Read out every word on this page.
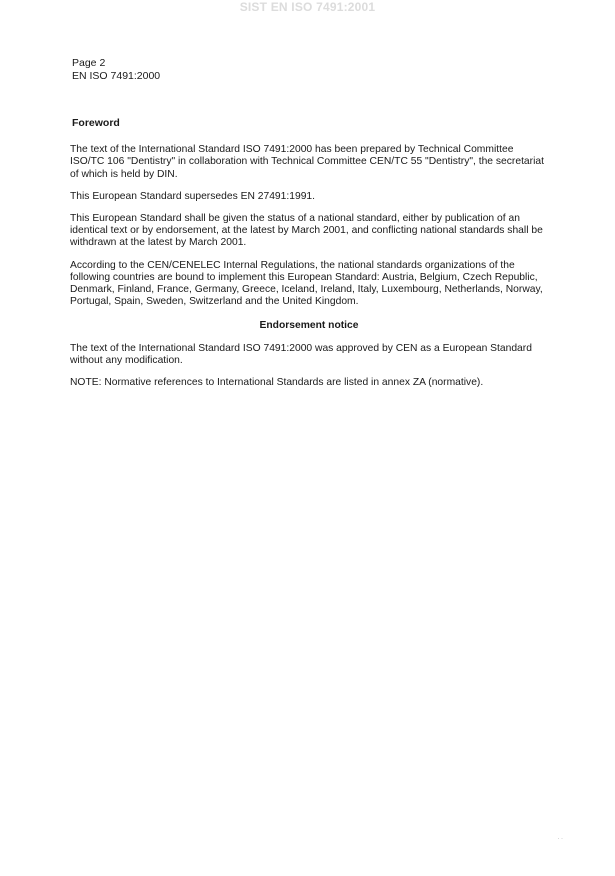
SIST EN ISO 7491:2001
Page 2
EN ISO 7491:2000
Foreword

The text of the International Standard ISO 7491:2000 has been prepared by Technical Committee ISO/TC 106 "Dentistry" in collaboration with Technical Committee CEN/TC 55 "Dentistry", the secretariat of which is held by DIN.

This European Standard supersedes EN 27491:1991.

This European Standard shall be given the status of a national standard, either by publication of an identical text or by endorsement, at the latest by March 2001, and conflicting national standards shall be withdrawn at the latest by March 2001.

According to the CEN/CENELEC Internal Regulations, the national standards organizations of the following countries are bound to implement this European Standard: Austria, Belgium, Czech Republic, Denmark, Finland, France, Germany, Greece, Iceland, Ireland, Italy, Luxembourg, Netherlands, Norway, Portugal, Spain, Sweden, Switzerland and the United Kingdom.

Endorsement notice

The text of the International Standard ISO 7491:2000 was approved by CEN as a European Standard without any modification.

NOTE: Normative references to International Standards are listed in annex ZA (normative).

· ·
